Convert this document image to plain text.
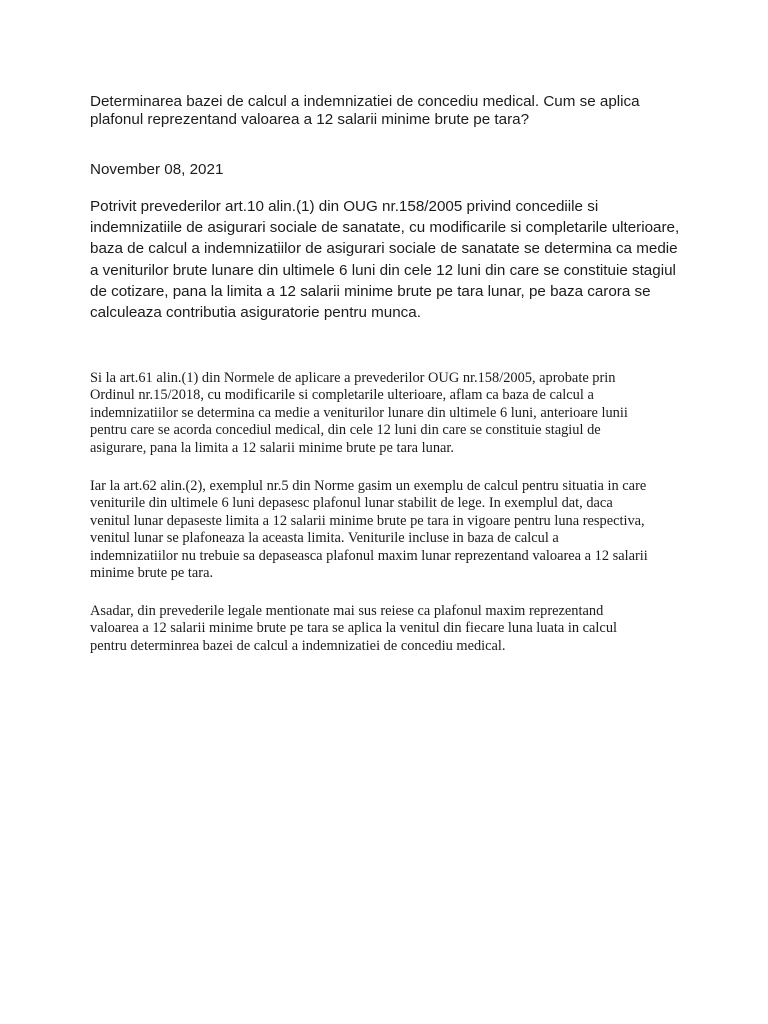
Determinarea bazei de calcul a indemnizatiei de concediu medical. Cum se aplica
plafonul reprezentand valoarea a 12 salarii minime brute pe tara?

November 08, 2021

Potrivit prevederilor art.10 alin.(1) din OUG nr.158/2005 privind concediile si
indemnizatiile de asigurari sociale de sanatate, cu modificarile si completarile ulterioare,
baza de calcul a indemnizatiilor de asigurari sociale de sanatate se determina ca medie
a veniturilor brute lunare din ultimele 6 luni din cele 12 luni din care se constituie stagiul
de cotizare, pana la limita a 12 salarii minime brute pe tara lunar, pe baza carora se
calculeaza contributia asiguratorie pentru munca.

Si la art.61 alin.(1) din Normele de aplicare a prevederilor OUG nr.158/2005, aprobate prin
Ordinul nr.15/2018, cu modificarile si completarile ulterioare, aflam ca baza de calcul a
indemnizatiilor se determina ca medie a veniturilor lunare din ultimele 6 luni, anterioare lunii
pentru care se acorda concediul medical, din cele 12 luni din care se constituie stagiul de
asigurare, pana la limita a 12 salarii minime brute pe tara lunar.

Iar la art.62 alin.(2), exemplul nr.5 din Norme gasim un exemplu de calcul pentru situatia in care
veniturile din ultimele 6 luni depasesc plafonul lunar stabilit de lege. In exemplul dat, daca
venitul lunar depaseste limita a 12 salarii minime brute pe tara in vigoare pentru luna respectiva,
venitul lunar se plafoneaza la aceasta limita. Veniturile incluse in baza de calcul a
indemnizatiilor nu trebuie sa depaseasca plafonul maxim lunar reprezentand valoarea a 12 salarii
minime brute pe tara.

Asadar, din prevederile legale mentionate mai sus reiese ca plafonul maxim reprezentand
valoarea a 12 salarii minime brute pe tara se aplica la venitul din fiecare luna luata in calcul
pentru determinrea bazei de calcul a indemnizatiei de concediu medical.
